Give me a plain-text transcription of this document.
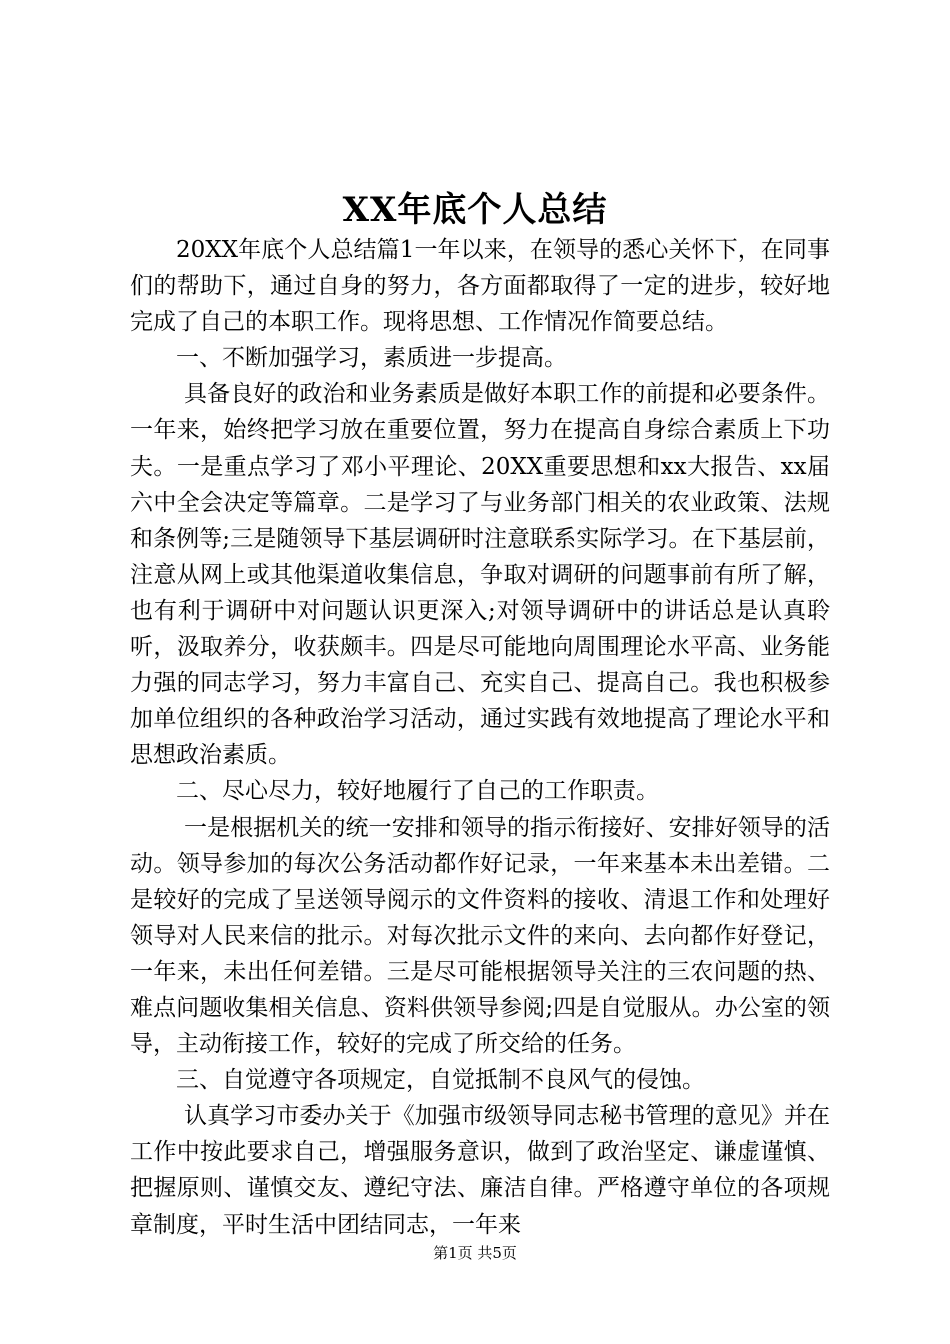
XX年底个人总结

20XX年底个人总结篇1一年以来，在领导的悉心关怀下，在同事们的帮助下，通过自身的努力，各方面都取得了一定的进步，较好地完成了自己的本职工作。现将思想、工作情况作简要总结。

一、不断加强学习，素质进一步提高。

具备良好的政治和业务素质是做好本职工作的前提和必要条件。一年来，始终把学习放在重要位置，努力在提高自身综合素质上下功夫。一是重点学习了邓小平理论、20XX重要思想和xx大报告、xx届六中全会决定等篇章。二是学习了与业务部门相关的农业政策、法规和条例等;三是随领导下基层调研时注意联系实际学习。在下基层前，注意从网上或其他渠道收集信息，争取对调研的问题事前有所了解，也有利于调研中对问题认识更深入;对领导调研中的讲话总是认真聆听，汲取养分，收获颇丰。四是尽可能地向周围理论水平高、业务能力强的同志学习，努力丰富自己、充实自己、提高自己。我也积极参加单位组织的各种政治学习活动，通过实践有效地提高了理论水平和思想政治素质。

二、尽心尽力，较好地履行了自己的工作职责。

一是根据机关的统一安排和领导的指示衔接好、安排好领导的活动。领导参加的每次公务活动都作好记录，一年来基本未出差错。二是较好的完成了呈送领导阅示的文件资料的接收、清退工作和处理好领导对人民来信的批示。对每次批示文件的来向、去向都作好登记，一年来，未出任何差错。三是尽可能根据领导关注的三农问题的热、难点问题收集相关信息、资料供领导参阅;四是自觉服从。办公室的领导，主动衔接工作，较好的完成了所交给的任务。

三、自觉遵守各项规定，自觉抵制不良风气的侵蚀。

认真学习市委办关于《加强市级领导同志秘书管理的意见》并在工作中按此要求自己，增强服务意识，做到了政治坚定、谦虚谨慎、把握原则、谨慎交友、遵纪守法、廉洁自律。严格遵守单位的各项规章制度，平时生活中团结同志，一年来

第1页 共5页
